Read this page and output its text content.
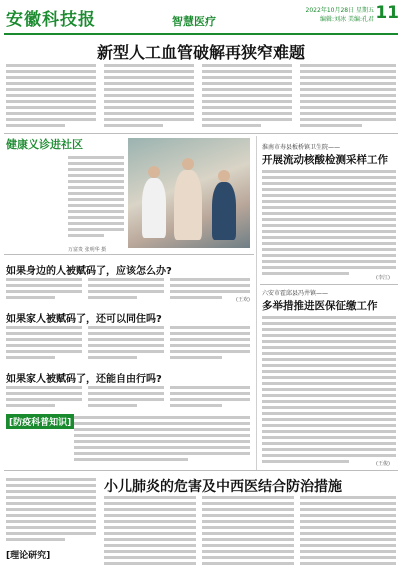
安徽科技报	智慧医疗
2022年10月28日 星期五
编辑:刘冰 美编:孔君 11
新型人工血管破解再狭窄难题
健康义诊进社区
万富贵 张明华 摄
如果身边的人被赋码了，应该怎么办?
(王欢)
如果家人被赋码了，还可以同住吗?
如果家人被赋码了，还能自由行吗?
[防疫科普知识]
淮南市寿县板桥镇卫生院——
开展流动核酸检测采样工作
(李江)
六安市霍邱县冯井镇——
多举措推进医保征缴工作
(王俊)
小儿肺炎的危害及中西医结合防治措施
[理论研究]
